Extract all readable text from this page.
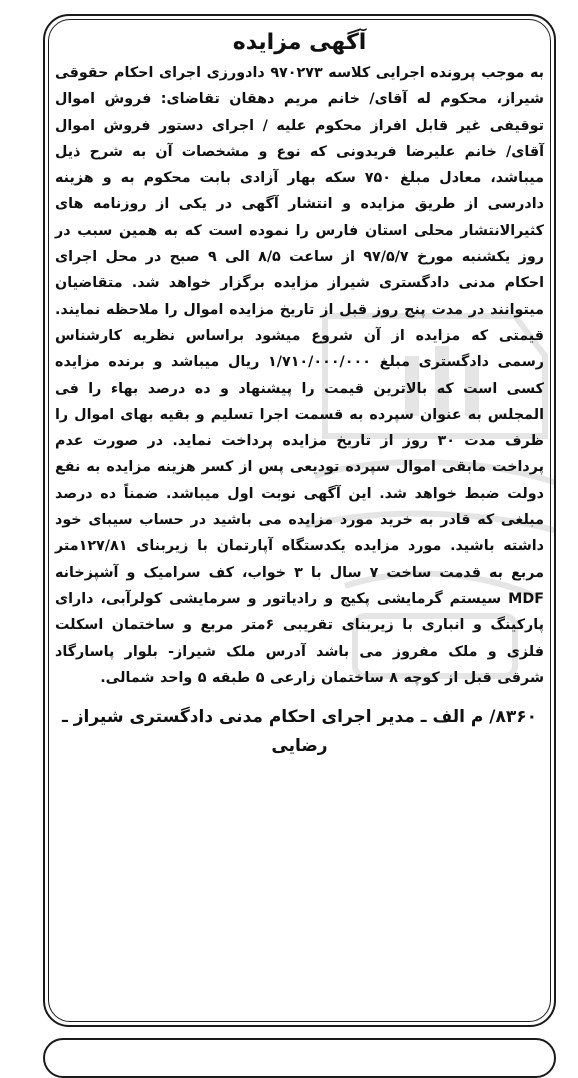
آگهی مزایده

به موجب پرونده اجرایی کلاسه ۹۷۰۲۷۳ دادورزی اجرای احکام حقوقی شیراز، محکوم له آقای/ خانم مریم دهقان تقاضای: فروش اموال توقیفی غیر قابل افراز محکوم علیه / اجرای دستور فروش اموال آقای/ خانم علیرضا فریدونی که نوع و مشخصات آن به شرح ذیل میباشد، معادل مبلغ ۷۵۰ سکه بهار آزادی بابت محکوم به و هزینه دادرسی از طریق مزایده و انتشار آگهی در یکی از روزنامه های کثیرالانتشار محلی استان فارس را نموده است که به همین سبب در روز یکشنبه مورخ ۹۷/۵/۷ از ساعت ۸/۵ الی ۹ صبح در محل اجرای احکام مدنی دادگستری شیراز مزایده برگزار خواهد شد. متقاضیان میتوانند در مدت پنج روز قبل از تاریخ مزایده اموال را ملاحظه نمایند. قیمتی که مزایده از آن شروع میشود براساس نظریه کارشناس رسمی دادگستری مبلغ ۱/۷۱۰/۰۰۰/۰۰۰ ریال میباشد و برنده مزایده کسی است که بالاترین قیمت را پیشنهاد و ده درصد بهاء را فی المجلس به عنوان سپرده به قسمت اجرا تسلیم و بقیه بهای اموال را ظرف مدت ۳۰ روز از تاریخ مزایده پرداخت نماید. در صورت عدم پرداخت مابقی اموال سپرده تودیعی پس از کسر هزینه مزایده به نفع دولت ضبط خواهد شد. این آگهی نوبت اول میباشد. ضمناً ده درصد مبلغی که قادر به خرید مورد مزایده می باشید در حساب سیبای خود داشته باشید. مورد مزایده یکدستگاه آپارتمان با زیربنای ۱۲۷/۸۱متر مربع به قدمت ساخت ۷ سال با ۳ خواب، کف سرامیک و آشپزخانه MDF سیستم گرمایشی پکیج و رادیاتور و سرمایشی کولرآبی، دارای پارکینگ و انباری با زیربنای تقریبی ۶متر مربع و ساختمان اسکلت فلزی و ملک مفروز می باشد آدرس ملک شیراز- بلوار پاسارگاد شرقی قبل از کوچه ۸ ساختمان زارعی ۵ طبقه ۵ واحد شمالی.

۸۳۶۰/ م الف ـ مدیر اجرای احکام مدنی دادگستری شیراز ـ رضایی
